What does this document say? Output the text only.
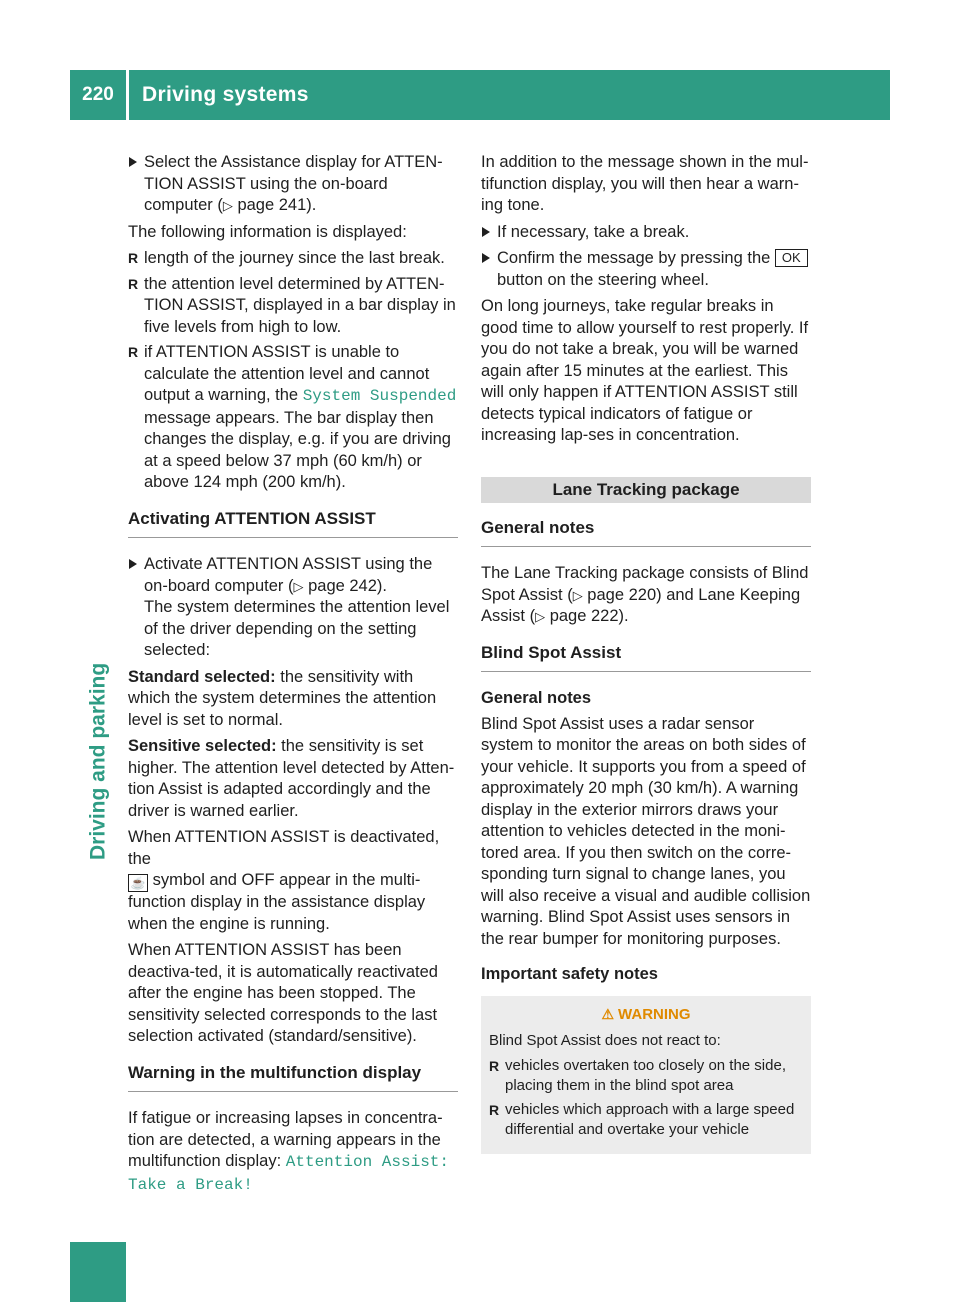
220	Driving systems
Driving and parking
Select the Assistance display for ATTEN-TION ASSIST using the on-board computer (▷ page 241).

The following information is displayed:

R length of the journey since the last break.
R the attention level determined by ATTEN-TION ASSIST, displayed in a bar display in five levels from high to low.
R if ATTENTION ASSIST is unable to calculate the attention level and cannot output a warning, the System Suspended message appears. The bar display then changes the display, e.g. if you are driving at a speed below 37 mph (60 km/h) or above 124 mph (200 km/h).
Activating ATTENTION ASSIST
Activate ATTENTION ASSIST using the on-board computer (▷ page 242).
The system determines the attention level of the driver depending on the setting selected:

Standard selected: the sensitivity with which the system determines the attention level is set to normal.

Sensitive selected: the sensitivity is set higher. The attention level detected by Atten-tion Assist is adapted accordingly and the driver is warned earlier.

When ATTENTION ASSIST is deactivated, the
☕ symbol and OFF appear in the multi-function display in the assistance display when the engine is running.

When ATTENTION ASSIST has been deactiva-ted, it is automatically reactivated after the engine has been stopped. The sensitivity selected corresponds to the last selection activated (standard/sensitive).

Warning in the multifunction display

If fatigue or increasing lapses in concentra-tion are detected, a warning appears in the multifunction display: Attention Assist: Take a Break!

In addition to the message shown in the mul-tifunction display, you will then hear a warn-ing tone.

If necessary, take a break.
Confirm the message by pressing the OK button on the steering wheel.

On long journeys, take regular breaks in good time to allow yourself to rest properly. If you do not take a break, you will be warned again after 15 minutes at the earliest. This will only happen if ATTENTION ASSIST still detects typical indicators of fatigue or increasing lap-ses in concentration.

Lane Tracking package
General notes

The Lane Tracking package consists of Blind Spot Assist (▷ page 220) and Lane Keeping Assist (▷ page 222).

Blind Spot Assist
General notes

Blind Spot Assist uses a radar sensor system to monitor the areas on both sides of your vehicle. It supports you from a speed of approximately 20 mph (30 km/h). A warning display in the exterior mirrors draws your attention to vehicles detected in the moni-tored area. If you then switch on the corre-sponding turn signal to change lanes, you will also receive a visual and audible collision warning. Blind Spot Assist uses sensors in the rear bumper for monitoring purposes.

Important safety notes
⚠ WARNING

Blind Spot Assist does not react to:

R vehicles overtaken too closely on the side, placing them in the blind spot area
R vehicles which approach with a large speed differential and overtake your vehicle
